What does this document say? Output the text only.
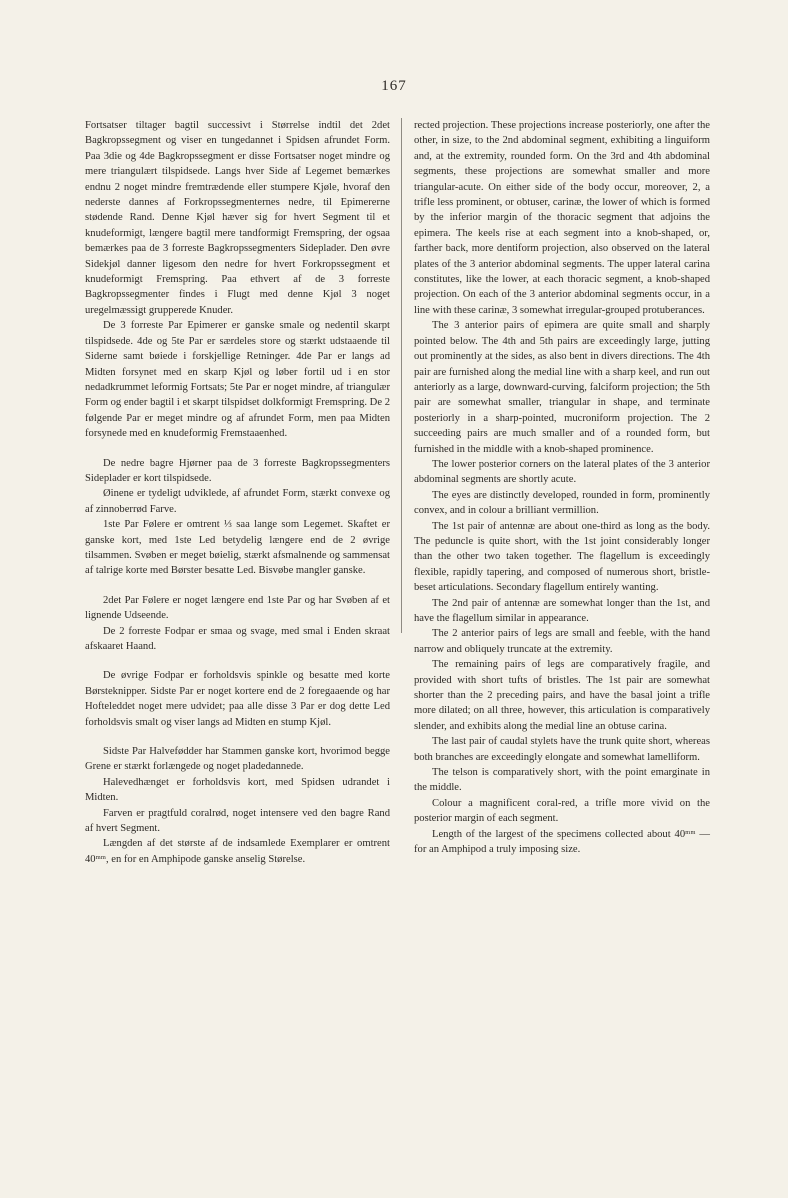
167

Fortsatser tiltager bagtil successivt i Størrelse indtil det 2det Bagkropssegment og viser en tungedannet i Spidsen afrundet Form. Paa 3die og 4de Bagkropssegment er disse Fortsatser noget mindre og mere triangulært tilspidsede. Langs hver Side af Legemet bemærkes endnu 2 noget mindre fremtrædende eller stumpere Kjøle, hvoraf den nederste dannes af Forkropssegmenternes nedre, til Epimererne stødende Rand. Denne Kjøl hæver sig for hvert Segment til et knudeformigt, længere bagtil mere tandformigt Fremspring, der ogsaa bemærkes paa de 3 forreste Bagkropssegmenters Sideplader. Den øvre Sidekjøl danner ligesom den nedre for hvert Forkropssegment et knudeformigt Fremspring. Paa ethvert af de 3 forreste Bagkropssegmenter findes i Flugt med denne Kjøl 3 noget uregelmæssigt grupperede Knuder.

De 3 forreste Par Epimerer er ganske smale og nedentil skarpt tilspidsede. 4de og 5te Par er særdeles store og stærkt udstaaende til Siderne samt bøiede i forskjellige Retninger. 4de Par er langs ad Midten forsynet med en skarp Kjøl og løber fortil ud i en stor nedadkrummet leformig Fortsats; 5te Par er noget mindre, af triangulær Form og ender bagtil i et skarpt tilspidset dolkformigt Fremspring. De 2 følgende Par er meget mindre og af afrundet Form, men paa Midten forsynede med en knudeformig Fremstaaenhed.

De nedre bagre Hjørner paa de 3 forreste Bagkropssegmenters Sideplader er kort tilspidsede.

Øinene er tydeligt udviklede, af afrundet Form, stærkt convexe og af zinnoberrød Farve.

1ste Par Følere er omtrent ⅓ saa lange som Legemet. Skaftet er ganske kort, med 1ste Led betydelig længere end de 2 øvrige tilsammen. Svøben er meget bøielig, stærkt afsmalnende og sammensat af talrige korte med Børster besatte Led. Bisvøbe mangler ganske.

2det Par Følere er noget længere end 1ste Par og har Svøben af et lignende Udseende.

De 2 forreste Fodpar er smaa og svage, med smal i Enden skraat afskaaret Haand.

De øvrige Fodpar er forholdsvis spinkle og besatte med korte Børsteknipper. Sidste Par er noget kortere end de 2 foregaaende og har Hofteleddet noget mere udvidet; paa alle disse 3 Par er dog dette Led forholdsvis smalt og viser langs ad Midten en stump Kjøl.

Sidste Par Halvefødder har Stammen ganske kort, hvorimod begge Grene er stærkt forlængede og noget pladedannede.

Halevedhænget er forholdsvis kort, med Spidsen udrandet i Midten.

Farven er pragtfuld coralrød, noget intensere ved den bagre Rand af hvert Segment.

Længden af det største af de indsamlede Exemplarer er omtrent 40ᵐᵐ, en for en Amphipode ganske anselig Størelse.

rected projection. These projections increase posteriorly, one after the other, in size, to the 2nd abdominal segment, exhibiting a linguiform and, at the extremity, rounded form. On the 3rd and 4th abdominal segments, these projections are somewhat smaller and more triangular-acute. On either side of the body occur, moreover, 2, a trifle less prominent, or obtuser, carinæ, the lower of which is formed by the inferior margin of the thoracic segment that adjoins the epimera. The keels rise at each segment into a knob-shaped, or, farther back, more dentiform projection, also observed on the lateral plates of the 3 anterior abdominal segments. The upper lateral carina constitutes, like the lower, at each thoracic segment, a knob-shaped projection. On each of the 3 anterior abdominal segments occur, in a line with these carinæ, 3 somewhat irregular-grouped protuberances.

The 3 anterior pairs of epimera are quite small and sharply pointed below. The 4th and 5th pairs are exceedingly large, jutting out prominently at the sides, as also bent in divers directions. The 4th pair are furnished along the medial line with a sharp keel, and run out anteriorly as a large, downward-curving, falciform projection; the 5th pair are somewhat smaller, triangular in shape, and terminate posteriorly in a sharp-pointed, mucroniform projection. The 2 succeeding pairs are much smaller and of a rounded form, but furnished in the middle with a knob-shaped prominence.

The lower posterior corners on the lateral plates of the 3 anterior abdominal segments are shortly acute.

The eyes are distinctly developed, rounded in form, prominently convex, and in colour a brilliant vermillion.

The 1st pair of antennæ are about one-third as long as the body. The peduncle is quite short, with the 1st joint considerably longer than the other two taken together. The flagellum is exceedingly flexible, rapidly tapering, and composed of numerous short, bristle-beset articulations. Secondary flagellum entirely wanting.

The 2nd pair of antennæ are somewhat longer than the 1st, and have the flagellum similar in appearance.

The 2 anterior pairs of legs are small and feeble, with the hand narrow and obliquely truncate at the extremity.

The remaining pairs of legs are comparatively fragile, and provided with short tufts of bristles. The 1st pair are somewhat shorter than the 2 preceding pairs, and have the basal joint a trifle more dilated; on all three, however, this articulation is comparatively slender, and exhibits along the medial line an obtuse carina.

The last pair of caudal stylets have the trunk quite short, whereas both branches are exceedingly elongate and somewhat lamelliform.

The telson is comparatively short, with the point emarginate in the middle.

Colour a magnificent coral-red, a trifle more vivid on the posterior margin of each segment.

Length of the largest of the specimens collected about 40ᵐᵐ — for an Amphipod a truly imposing size.
